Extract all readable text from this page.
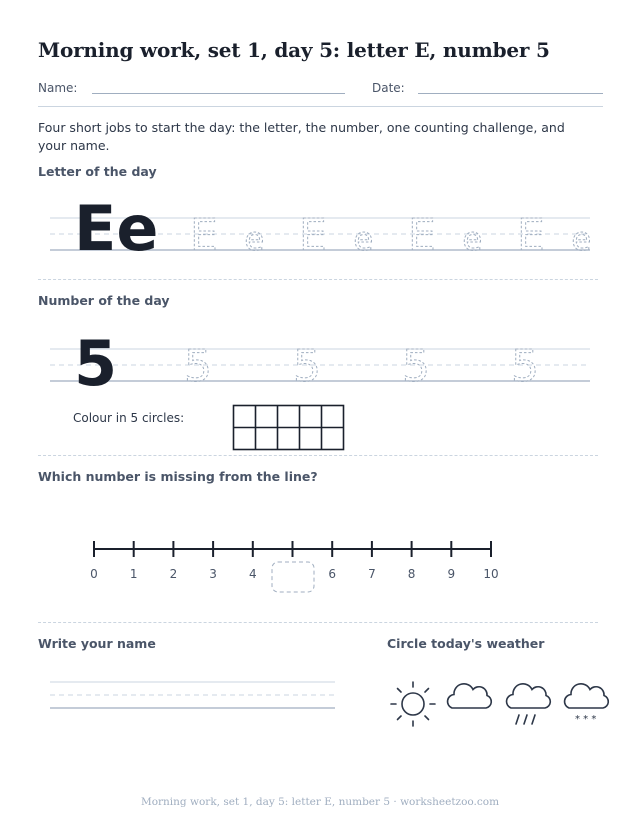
Morning work, set 1, day 5: letter E, number 5
Name:	Date:
Four short jobs to start the day: the letter, the number, one counting challenge, and your name.
Letter of the day
Ee E e E e E e E e
Number of the day
5 5 5 5 5
Colour in 5 circles:
Which number is missing from the line?
0	1	2	3	4	6	7	8	9 10
Write your name	Circle today's weather
* * *
Morning work, set 1, day 5: letter E, number 5 · worksheetzoo.com
